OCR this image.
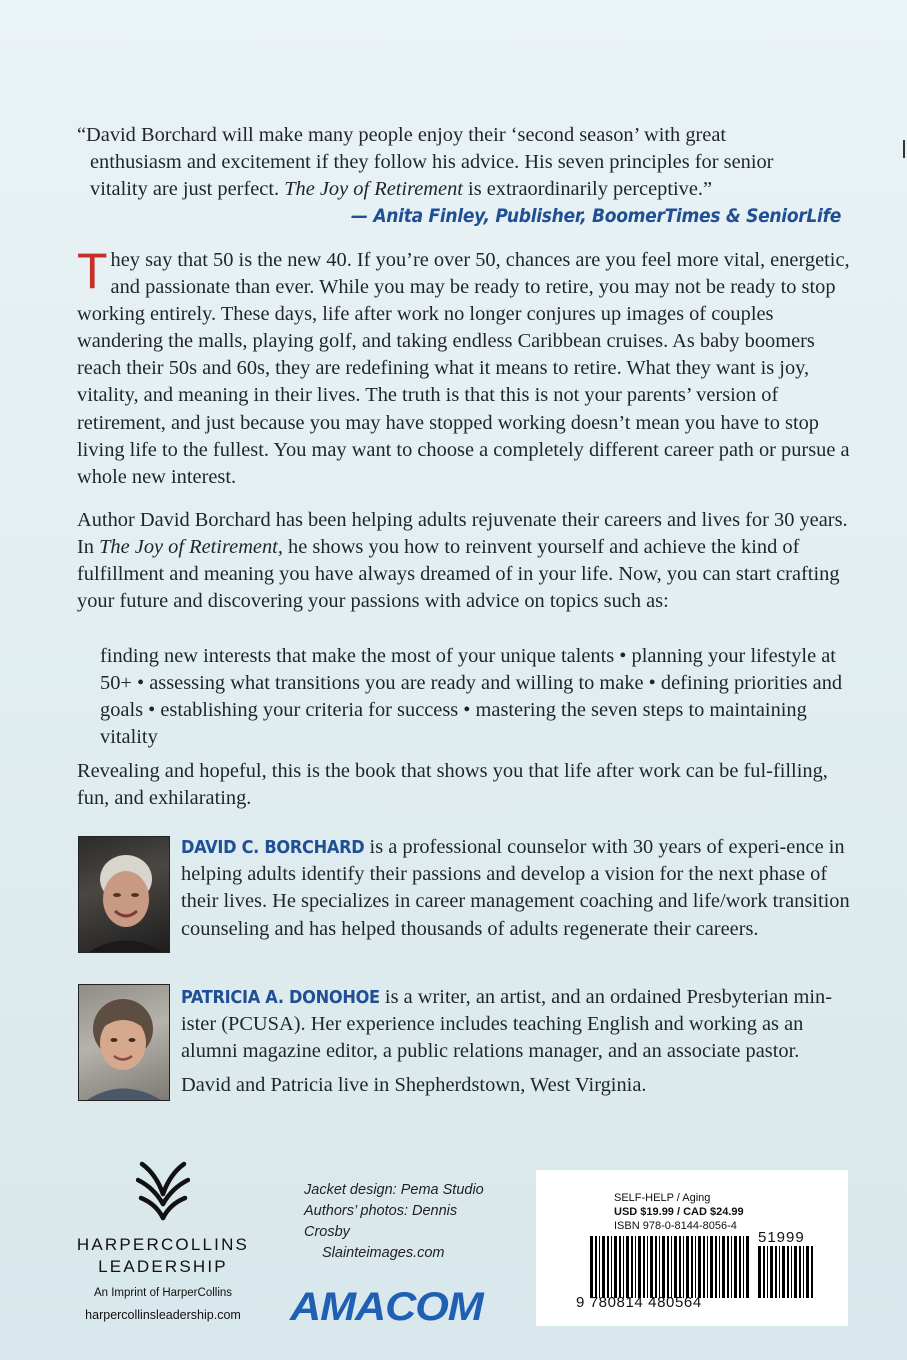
“David Borchard will make many people enjoy their ‘second season’ with great

enthusiasm and excitement if they follow his advice. His seven principles for senior

vitality are just perfect. The Joy of Retirement is extraordinarily perceptive.”

— Anita Finley, Publisher, BoomerTimes & SeniorLife

They say that 50 is the new 40. If you’re over 50, chances are you feel more vital, energetic, and passionate than ever. While you may be ready to retire, you may not be ready to stop working entirely. These days, life after work no longer conjures up images of couples wandering the malls, playing golf, and taking endless Caribbean cruises. As baby boomers reach their 50s and 60s, they are redefining what it means to retire. What they want is joy, vitality, and meaning in their lives. The truth is that this is not your parents’ version of retirement, and just because you may have stopped working doesn’t mean you have to stop living life to the fullest. You may want to choose a completely different career path or pursue a whole new interest.

Author David Borchard has been helping adults rejuvenate their careers and lives for 30 years. In The Joy of Retirement, he shows you how to reinvent yourself and achieve the kind of fulfillment and meaning you have always dreamed of in your life. Now, you can start crafting your future and discovering your passions with advice on topics such as:

finding new interests that make the most of your unique talents • planning your lifestyle at 50+ • assessing what transitions you are ready and willing to make • defining priorities and goals • establishing your criteria for success • mastering the seven steps to maintaining vitality

Revealing and hopeful, this is the book that shows you that life after work can be ful-filling, fun, and exhilarating.

DAVID C. BORCHARD is a professional counselor with 30 years of experi-ence in helping adults identify their passions and develop a vision for the next phase of their lives. He specializes in career management coaching and life/work transition counseling and has helped thousands of adults regenerate their careers.

PATRICIA A. DONOHOE is a writer, an artist, and an ordained Presbyterian min-ister (PCUSA). Her experience includes teaching English and working as an alumni magazine editor, a public relations manager, and an associate pastor.

David and Patricia live in Shepherdstown, West Virginia.

HARPERCOLLINS
LEADERSHIP
An Imprint of HarperCollins
harpercollinsleadership.com
Jacket design: Pema Studio
Authors’ photos: Dennis Crosby
Slainteimages.com
AMACOM
SELF-HELP / Aging
USD $19.99 / CAD $24.99
ISBN 978-0-8144-8056-4
51999
9 780814 480564
